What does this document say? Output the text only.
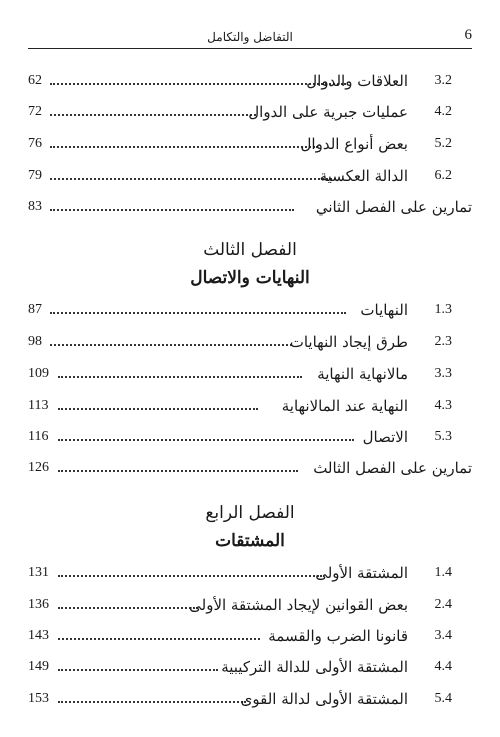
التفاضل والتكامل	6
62	العلاقات والدوال 3.2
72	عمليات جبرية على الدوال 4.2
76	بعض أنواع الدوال 5.2
79	الدالة العكسية 6.2
83	تمارين على الفصل الثاني
الفصل الثالث
النهايات والاتصال
87	النهايات 1.3
98	طرق إيجاد النهايات 2.3
109	مالانهاية النهاية 3.3
113	النهاية عند المالانهاية 4.3
116	الاتصال 5.3
126	تمارين على الفصل الثالث
الفصل الرابع
المشتقات
131	المشتقة الأولى 1.4
136	بعض القوانين لإيجاد المشتقة الأولى 2.4
143	قانونا الضرب والقسمة 3.4
149	المشتقة الأولى للدالة التركيبية 4.4
153	المشتقة الأولى لدالة القوى 5.4
